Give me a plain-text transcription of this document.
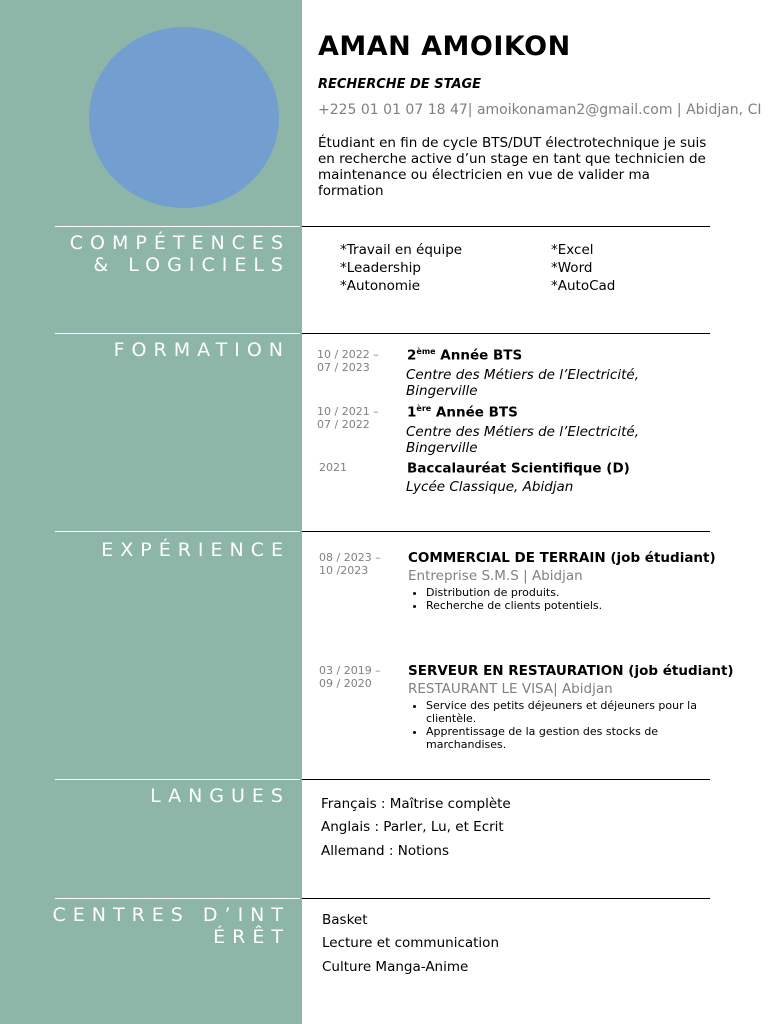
AMAN AMOIKON
RECHERCHE DE STAGE
+225 01 01 07 18 47| amoikonaman2@gmail.com | Abidjan, CI
Étudiant en fin de cycle BTS/DUT électrotechnique je suis en recherche active d’un stage en tant que technicien de maintenance ou électricien en vue de valider ma formation
COMPÉTENCES & LOGICIELS
*Travail en équipe
*Leadership
*Autonomie
*Excel
*Word
*AutoCad
FORMATION 10 / 2022 – 07 / 2023
2ème Année BTS
Centre des Métiers de l’Electricité, Bingerville
10 / 2021 – 07 / 2022
1ère Année BTS
Centre des Métiers de l’Electricité, Bingerville
2021	Baccalauréat Scientifique (D)
Lycée Classique, Abidjan
EXPÉRIENCE	08 / 2023 – 10 /2023
COMMERCIAL DE TERRAIN (job étudiant)
Entreprise S.M.S | Abidjan
• Distribution de produits.
• Recherche de clients potentiels.
03 / 2019 – 09 / 2020
SERVEUR EN RESTAURATION (job étudiant)
RESTAURANT LE VISA| Abidjan
• Service des petits déjeuners et déjeuners pour la clientèle.
• Apprentissage de la gestion des stocks de marchandises.
LANGUES Français : Maîtrise complète
Anglais : Parler, Lu, et Ecrit
Allemand : Notions
CENTRES D’INTÉRÊT
Basket
Lecture et communication
Culture Manga-Anime
